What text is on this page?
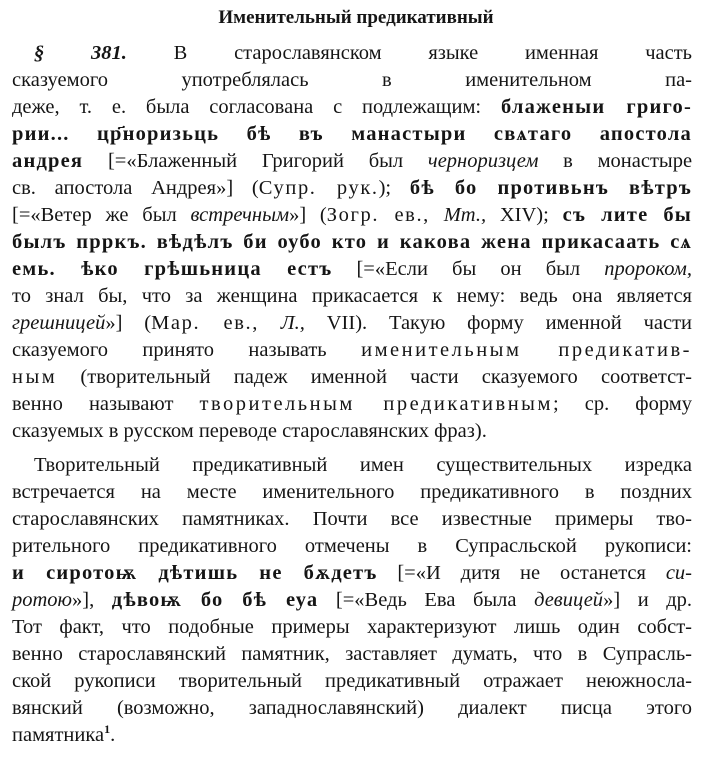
Именительный предикативный
§ 381. В старославянском языке именная часть
сказуемого употреблялась в именительном па-
деже, т. е. была согласована с подлежащим: блаженыи григо-
рии... цр҃норизьць бѣ въ манастыри свѧтаго апостола
андрея [=«Блаженный Григорий был черноризцем в монастыре
св. апостола Андрея»] (Супр. рук.); бѣ бо противьнъ вѣтръ
[=«Ветер же был встречным»] (Зогр. ев., Мт., XIV); съ лите бы
былъ прркъ. вѣдѣлъ би оубо кто и какова жена прикасаать сѧ
емь. ѣко грѣшьница естъ [=«Если бы он был пророком,
то знал бы, что за женщина прикасается к нему: ведь она является
грешницей»] (Мар. ев., Л., VII). Такую форму именной части
сказуемого принято называть именительным предикатив-
ным (творительный падеж именной части сказуемого соответст-
венно называют творительным предикативным; ср. форму
сказуемых в русском переводе старославянских фраз).
Творительный предикативный имен существительных изредка
встречается на месте именительного предикативного в поздних
старославянских памятниках. Почти все известные примеры тво-
рительного предикативного отмечены в Супрасльской рукописи:
и сиротоѭ дѣтишь не бѫдетъ [=«И дитя не останется си-
ротою»], дѣвоѭ бо бѣ еуа [=«Ведь Ева была девицей»] и др.
Тот факт, что подобные примеры характеризуют лишь один собст-
венно старославянский памятник, заставляет думать, что в Супрасль-
ской рукописи творительный предикативный отражает неюжносла-
вянский (возможно, западнославянский) диалект писца этого
памятника$^1$.
